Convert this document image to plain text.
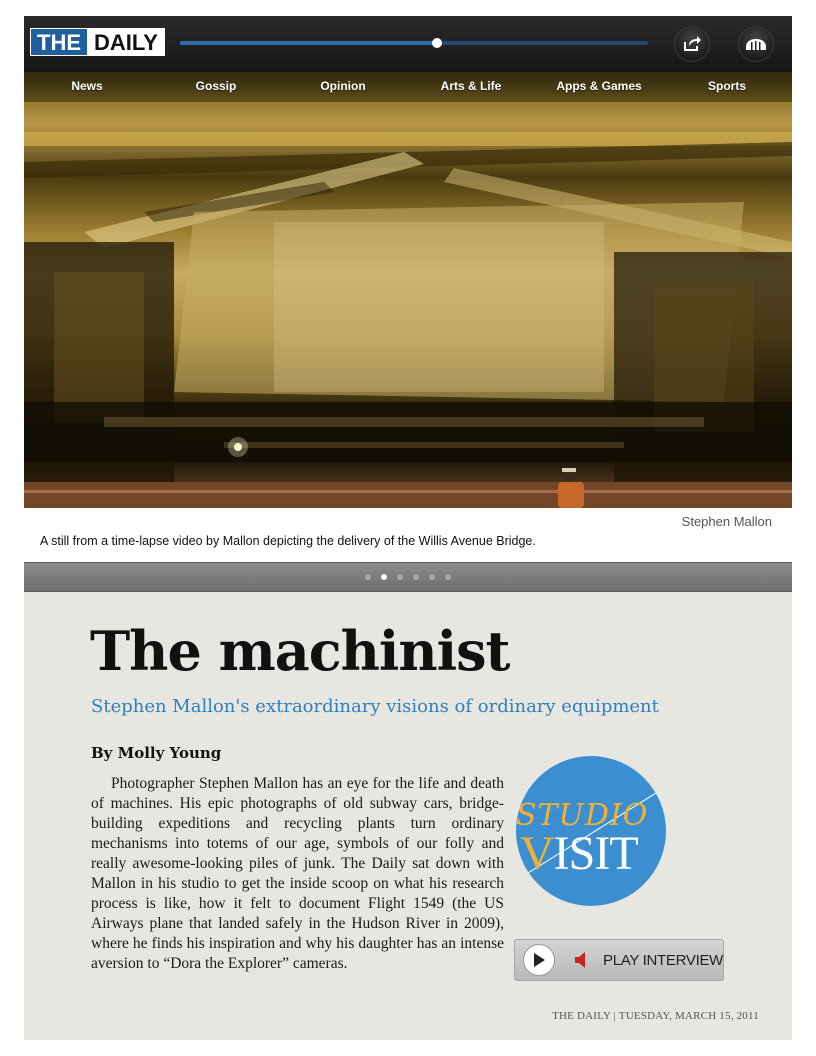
THE DAILY
News	Gossip	Opinion	Arts & Life	Apps & Games	Sports
Stephen Mallon
A still from a time-lapse video by Mallon depicting the delivery of the Willis Avenue Bridge.
The machinist
Stephen Mallon's extraordinary visions of ordinary equipment
By Molly Young

Photographer Stephen Mallon has an eye for the life and death of machines. His epic photographs of old subway cars, bridge-building expeditions and recycling plants turn ordinary mechanisms into totems of our age, symbols of our folly and really awesome-looking piles of junk. The Daily sat down with Mallon in his studio to get the inside scoop on what his research process is like, how it felt to document Flight 1549 (the US Airways plane that landed safely in the Hudson River in 2009), where he finds his inspiration and why his daughter has an intense aversion to “Dora the Explorer” cameras.

STUDIO
VISIT
PLAY INTERVIEW
THE DAILY | TUESDAY, MARCH 15, 2011
